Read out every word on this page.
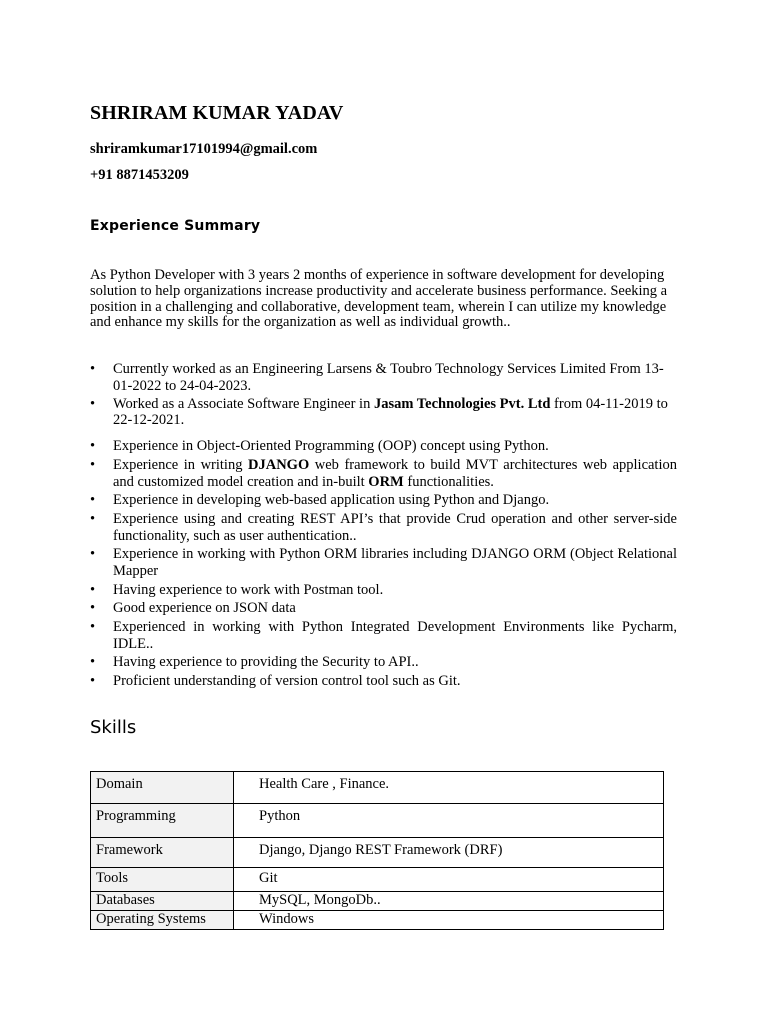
SHRIRAM KUMAR YADAV
shriramkumar17101994@gmail.com
+91 8871453209
Experience Summary

As Python Developer with 3 years 2 months of experience in software development for developing solution to help organizations increase productivity and accelerate business performance. Seeking a position in a challenging and collaborative, development team, wherein I can utilize my knowledge and enhance my skills for the organization as well as individual growth..

• Currently worked as an Engineering Larsens & Toubro Technology Services Limited From 13-01-2022 to 24-04-2023.
• Worked as a Associate Software Engineer in Jasam Technologies Pvt. Ltd from 04-11-2019 to 22-12-2021.
• Experience in Object-Oriented Programming (OOP) concept using Python.
• Experience in writing DJANGO web framework to build MVT architectures web application and customized model creation and in-built ORM functionalities.
• Experience in developing web-based application using Python and Django.
• Experience using and creating REST API’s that provide Crud operation and other server-side functionality, such as user authentication..
• Experience in working with Python ORM libraries including DJANGO ORM (Object Relational Mapper
• Having experience to work with Postman tool.
• Good experience on JSON data
• Experienced in working with Python Integrated Development Environments like Pycharm, IDLE..
• Having experience to providing the Security to API..
• Proficient understanding of version control tool such as Git.
Skills
Domain	Health Care , Finance.
Programming	Python
Framework	Django, Django REST Framework (DRF)
Tools	Git
Databases	MySQL, MongoDb..
Operating Systems	Windows
